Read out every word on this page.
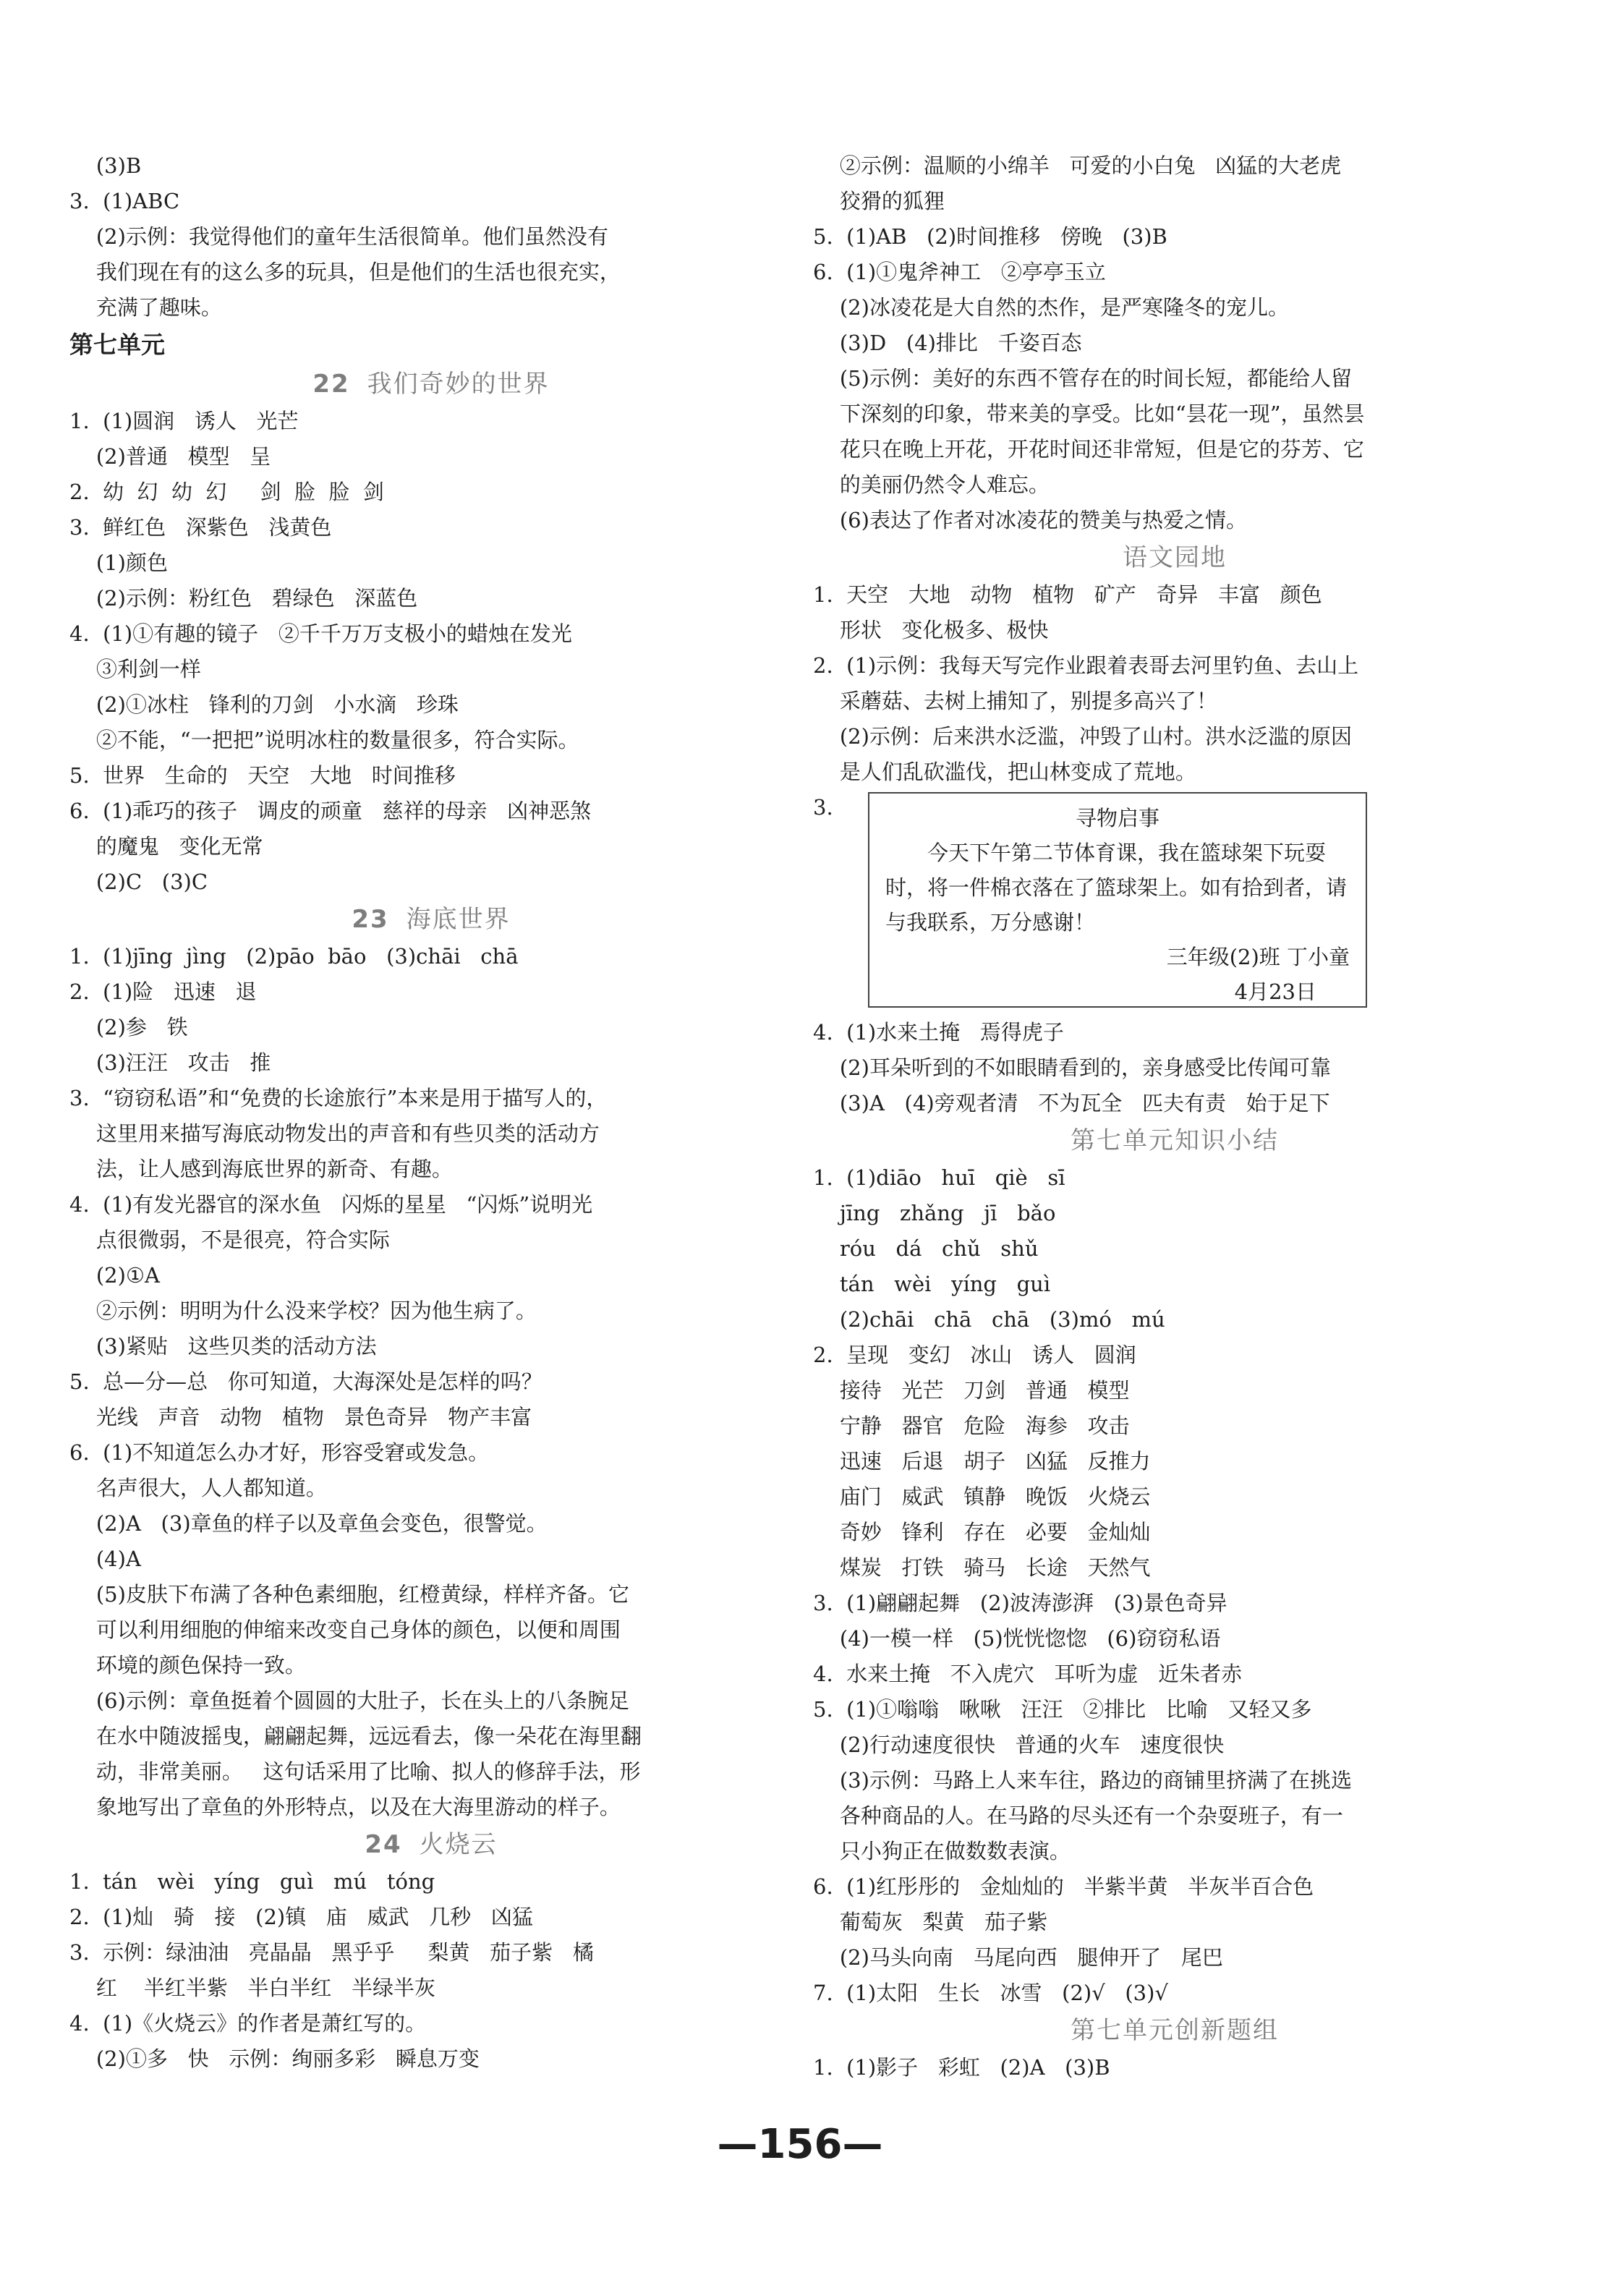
(3)B
3.  (1)ABC
(2)示例：我觉得他们的童年生活很简单。他们虽然没有
我们现在有的这么多的玩具，但是他们的生活也很充实，
充满了趣味。
第七单元
22 我们奇妙的世界
1.  (1)圆润   诱人   光芒
(2)普通   模型   呈
2.  幼  幻  幼  幻     剑  脸  脸  剑
3.  鲜红色   深紫色   浅黄色
(1)颜色
(2)示例：粉红色   碧绿色   深蓝色
4.  (1)①有趣的镜子   ②千千万万支极小的蜡烛在发光
③利剑一样
(2)①冰柱   锋利的刀剑   小水滴   珍珠
②不能，“一把把”说明冰柱的数量很多，符合实际。
5.  世界   生命的   天空   大地   时间推移
6.  (1)乖巧的孩子   调皮的顽童   慈祥的母亲   凶神恶煞
的魔鬼   变化无常
(2)C   (3)C
23 海底世界
1.  (1)jīng  jìng   (2)pāo  bāo   (3)chāi   chā
2.  (1)险   迅速   退
(2)参   铁
(3)汪汪   攻击   推
3.  “窃窃私语”和“免费的长途旅行”本来是用于描写人的，
这里用来描写海底动物发出的声音和有些贝类的活动方
法，让人感到海底世界的新奇、有趣。
4.  (1)有发光器官的深水鱼   闪烁的星星   “闪烁”说明光
点很微弱，不是很亮，符合实际
(2)①A
②示例：明明为什么没来学校？因为他生病了。
(3)紧贴   这些贝类的活动方法
5.  总—分—总   你可知道，大海深处是怎样的吗？
光线   声音   动物   植物   景色奇异   物产丰富
6.  (1)不知道怎么办才好，形容受窘或发急。
名声很大，人人都知道。
(2)A   (3)章鱼的样子以及章鱼会变色，很警觉。
(4)A
(5)皮肤下布满了各种色素细胞，红橙黄绿，样样齐备。它
可以利用细胞的伸缩来改变自己身体的颜色，以便和周围
环境的颜色保持一致。
(6)示例：章鱼挺着个圆圆的大肚子，长在头上的八条腕足
在水中随波摇曳，翩翩起舞，远远看去，像一朵花在海里翻
动，非常美丽。   这句话采用了比喻、拟人的修辞手法，形
象地写出了章鱼的外形特点，以及在大海里游动的样子。
24 火烧云
1.  tán   wèi   yíng   guì   mú   tóng
2.  (1)灿   骑   接   (2)镇   庙   威武   几秒   凶猛
3.  示例：绿油油   亮晶晶   黑乎乎     梨黄   茄子紫   橘
红    半红半紫   半白半红   半绿半灰
4.  (1)《火烧云》的作者是萧红写的。
(2)①多   快   示例：绚丽多彩   瞬息万变
②示例：温顺的小绵羊   可爱的小白兔   凶猛的大老虎
狡猾的狐狸
5.  (1)AB   (2)时间推移   傍晚   (3)B
6.  (1)①鬼斧神工   ②亭亭玉立
(2)冰凌花是大自然的杰作，是严寒隆冬的宠儿。
(3)D   (4)排比   千姿百态
(5)示例：美好的东西不管存在的时间长短，都能给人留
下深刻的印象，带来美的享受。比如“昙花一现”，虽然昙
花只在晚上开花，开花时间还非常短，但是它的芬芳、它
的美丽仍然令人难忘。
(6)表达了作者对冰凌花的赞美与热爱之情。
语文园地
1.  天空   大地   动物   植物   矿产   奇异   丰富   颜色
形状   变化极多、极快
2.  (1)示例：我每天写完作业跟着表哥去河里钓鱼、去山上
采蘑菇、去树上捕知了，别提多高兴了！
(2)示例：后来洪水泛滥，冲毁了山村。洪水泛滥的原因
是人们乱砍滥伐，把山林变成了荒地。
3.	寻物启事
今天下午第二节体育课，我在篮球架下玩耍时，将一件棉衣落在了篮球架上。如有拾到者，请与我联系，万分感谢！
三年级(2)班 丁小童
4月23日
4.  (1)水来土掩   焉得虎子
(2)耳朵听到的不如眼睛看到的，亲身感受比传闻可靠
(3)A   (4)旁观者清   不为瓦全   匹夫有责   始于足下
第七单元知识小结
1.  (1)diāo   huī   qiè   sī
jīng   zhǎng   jī   bǎo
róu   dá   chǔ   shǔ
tán   wèi   yíng   guì
(2)chāi   chā   chā   (3)mó   mú
2.  呈现   变幻   冰山   诱人   圆润
接待   光芒   刀剑   普通   模型
宁静   器官   危险   海参   攻击
迅速   后退   胡子   凶猛   反推力
庙门   威武   镇静   晚饭   火烧云
奇妙   锋利   存在   必要   金灿灿
煤炭   打铁   骑马   长途   天然气
3.  (1)翩翩起舞   (2)波涛澎湃   (3)景色奇异
(4)一模一样   (5)恍恍惚惚   (6)窃窃私语
4.  水来土掩   不入虎穴   耳听为虚   近朱者赤
5.  (1)①嗡嗡   啾啾   汪汪   ②排比   比喻   又轻又多
(2)行动速度很快   普通的火车   速度很快
(3)示例：马路上人来车往，路边的商铺里挤满了在挑选
各种商品的人。在马路的尽头还有一个杂耍班子，有一
只小狗正在做数数表演。
6.  (1)红彤彤的   金灿灿的   半紫半黄   半灰半百合色
葡萄灰   梨黄   茄子紫
(2)马头向南   马尾向西   腿伸开了   尾巴
7.  (1)太阳   生长   冰雪   (2)√   (3)√
第七单元创新题组
1.  (1)影子   彩虹   (2)A   (3)B
—156—
